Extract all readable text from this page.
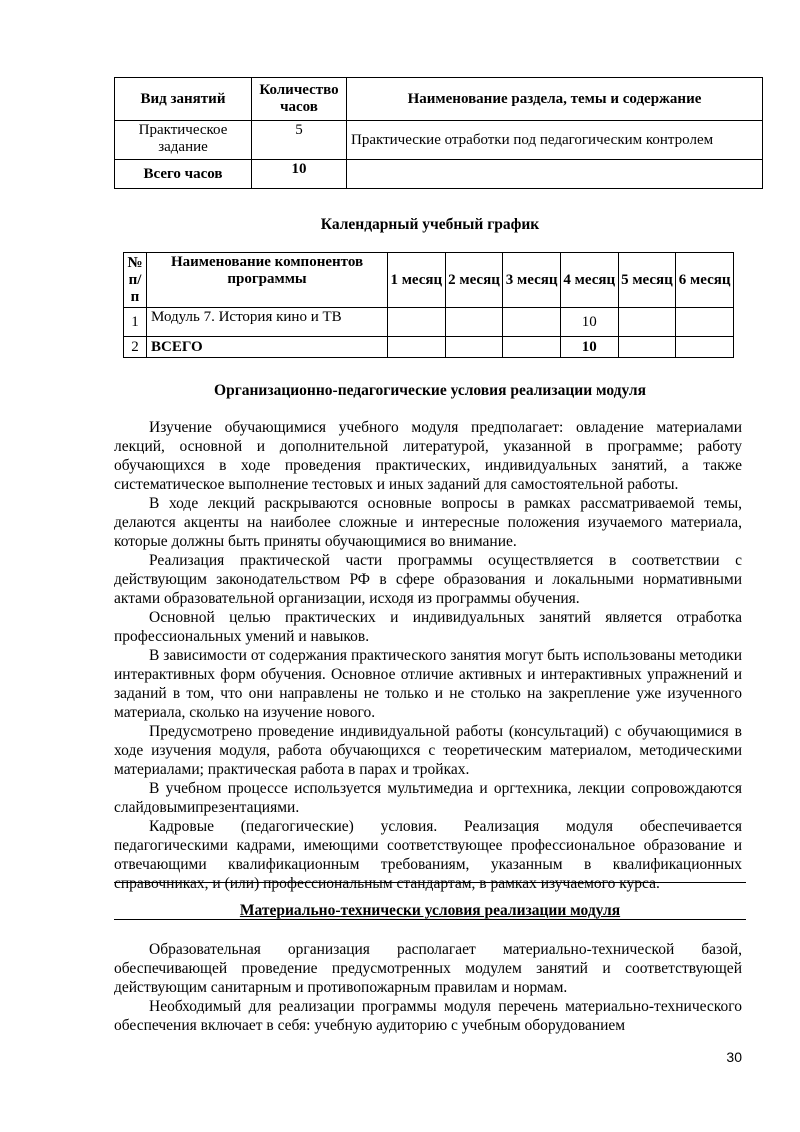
Вид занятий	Количество часов	Наименование раздела, темы и содержание
Практическое задание	5	Практические отработки под педагогическим контролем
Всего часов	10	
Календарный учебный график
№ п/п	Наименование компонентов программы	1 месяц	2 месяц	3 месяц	4 месяц	5 месяц	6 месяц
1	Модуль 7. История кино и ТВ				10		
2	ВСЕГО				10		
Организационно-педагогические условия реализации модуля

Изучение обучающимися учебного модуля предполагает: овладение материалами лекций, основной и дополнительной литературой, указанной в программе; работу обучающихся в ходе проведения практических, индивидуальных занятий, а также систематическое выполнение тестовых и иных заданий для самостоятельной работы.

В ходе лекций раскрываются основные вопросы в рамках рассматриваемой темы, делаются акценты на наиболее сложные и интересные положения изучаемого материала, которые должны быть приняты обучающимися во внимание.

Реализация практической части программы осуществляется в соответствии с действующим законодательством РФ в сфере образования и локальными нормативными актами образовательной организации, исходя из программы обучения.

Основной целью практических и индивидуальных занятий является отработка профессиональных умений и навыков.

В зависимости от содержания практического занятия могут быть использованы методики интерактивных форм обучения. Основное отличие активных и интерактивных упражнений и заданий в том, что они направлены не только и не столько на закрепление уже изученного материала, сколько на изучение нового.

Предусмотрено проведение индивидуальной работы (консультаций) с обучающимися в ходе изучения модуля, работа обучающихся с теоретическим материалом, методическими материалами; практическая работа в парах и тройках.

В учебном процессе используется мультимедиа и оргтехника, лекции сопровождаются слайдовымипрезентациями.

Кадровые (педагогические) условия. Реализация модуля обеспечивается педагогическими кадрами, имеющими соответствующее профессиональное образование и отвечающими квалификационным требованиям, указанным в квалификационных справочниках, и (или) профессиональным стандартам, в рамках изучаемого курса.

Материально-технически условия реализации модуля

Образовательная организация располагает материально-технической базой, обеспечивающей проведение предусмотренных модулем занятий и соответствующей действующим санитарным и противопожарным правилам и нормам.

Необходимый для реализации программы модуля перечень материально-технического обеспечения включает в себя: учебную аудиторию с учебным оборудованием

30
